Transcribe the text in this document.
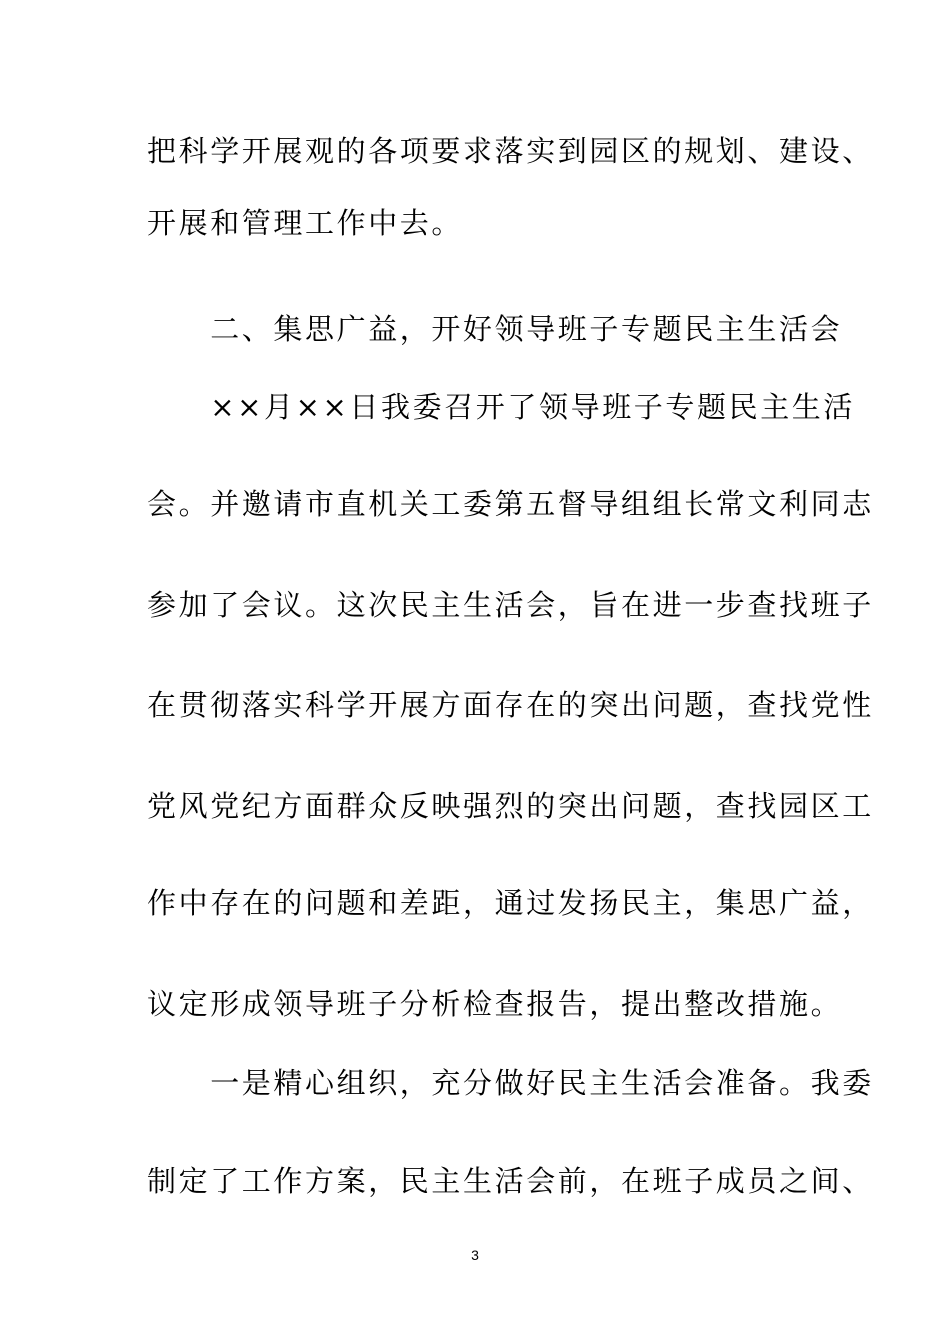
把科学开展观的各项要求落实到园区的规划、建设、
开展和管理工作中去。
　　二、集思广益，开好领导班子专题民主生活会
　　××月××日我委召开了领导班子专题民主生活
会。并邀请市直机关工委第五督导组组长常文利同志
参加了会议。这次民主生活会，旨在进一步查找班子
在贯彻落实科学开展方面存在的突出问题，查找党性
党风党纪方面群众反映强烈的突出问题，查找园区工
作中存在的问题和差距，通过发扬民主，集思广益，
议定形成领导班子分析检查报告，提出整改措施。
　　一是精心组织，充分做好民主生活会准备。我委
制定了工作方案，民主生活会前，在班子成员之间、
3
